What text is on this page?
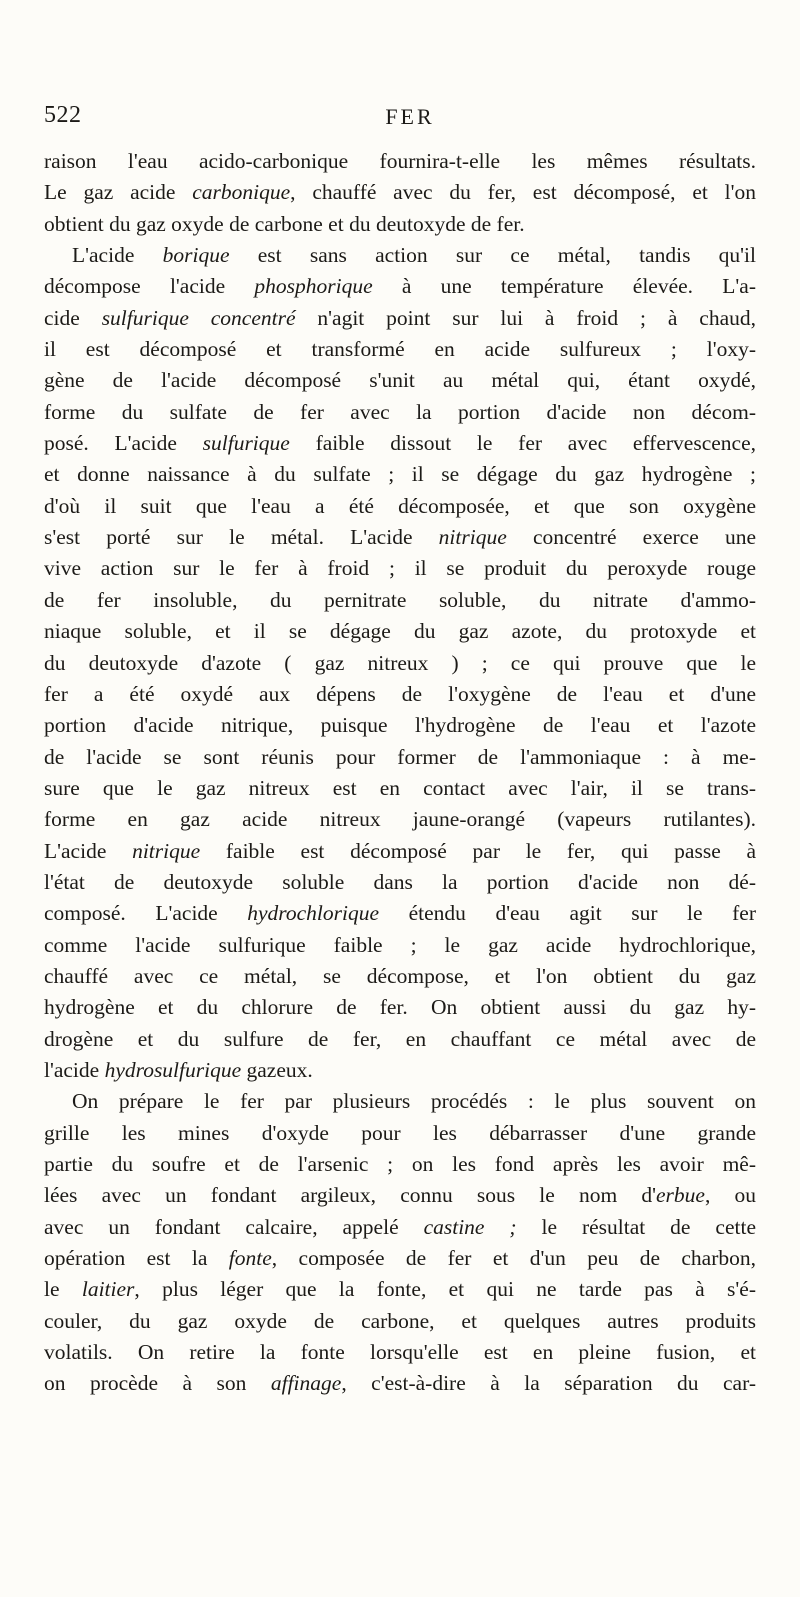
522	FER
raison l'eau acido-carbonique fournira-t-elle les mêmes résultats.
Le gaz acide carbonique, chauffé avec du fer, est décomposé, et l'on
obtient du gaz oxyde de carbone et du deutoxyde de fer.
L'acide borique est sans action sur ce métal, tandis qu'il
décompose l'acide phosphorique à une température élevée. L'a-
cide sulfurique concentré n'agit point sur lui à froid ; à chaud,
il est décomposé et transformé en acide sulfureux ; l'oxy-
gène de l'acide décomposé s'unit au métal qui, étant oxydé,
forme du sulfate de fer avec la portion d'acide non décom-
posé. L'acide sulfurique faible dissout le fer avec effervescence,
et donne naissance à du sulfate ; il se dégage du gaz hydrogène ;
d'où il suit que l'eau a été décomposée, et que son oxygène
s'est porté sur le métal. L'acide nitrique concentré exerce une
vive action sur le fer à froid ; il se produit du peroxyde rouge
de fer insoluble, du pernitrate soluble, du nitrate d'ammo-
niaque soluble, et il se dégage du gaz azote, du protoxyde et
du deutoxyde d'azote ( gaz nitreux ) ; ce qui prouve que le
fer a été oxydé aux dépens de l'oxygène de l'eau et d'une
portion d'acide nitrique, puisque l'hydrogène de l'eau et l'azote
de l'acide se sont réunis pour former de l'ammoniaque : à me-
sure que le gaz nitreux est en contact avec l'air, il se trans-
forme en gaz acide nitreux jaune-orangé (vapeurs rutilantes).
L'acide nitrique faible est décomposé par le fer, qui passe à
l'état de deutoxyde soluble dans la portion d'acide non dé-
composé. L'acide hydrochlorique étendu d'eau agit sur le fer
comme l'acide sulfurique faible ; le gaz acide hydrochlorique,
chauffé avec ce métal, se décompose, et l'on obtient du gaz
hydrogène et du chlorure de fer. On obtient aussi du gaz hy-
drogène et du sulfure de fer, en chauffant ce métal avec de
l'acide hydrosulfurique gazeux.
On prépare le fer par plusieurs procédés : le plus souvent on
grille les mines d'oxyde pour les débarrasser d'une grande
partie du soufre et de l'arsenic ; on les fond après les avoir mê-
lées avec un fondant argileux, connu sous le nom d'erbue, ou
avec un fondant calcaire, appelé castine ; le résultat de cette
opération est la fonte, composée de fer et d'un peu de charbon,
le laitier, plus léger que la fonte, et qui ne tarde pas à s'é-
couler, du gaz oxyde de carbone, et quelques autres produits
volatils. On retire la fonte lorsqu'elle est en pleine fusion, et
on procède à son affinage, c'est-à-dire à la séparation du car-
